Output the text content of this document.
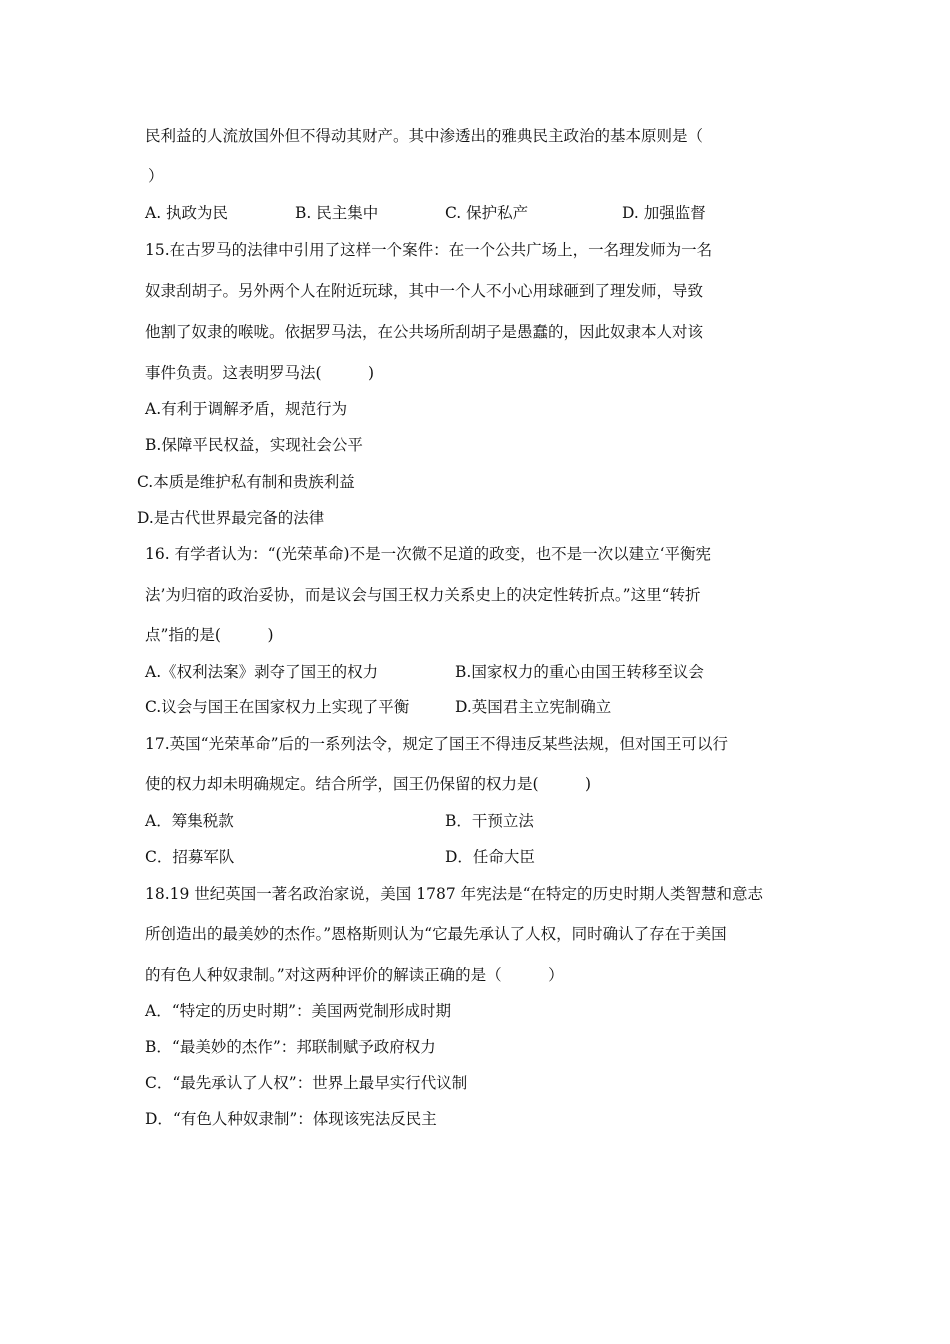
民利益的人流放国外但不得动其财产。其中渗透出的雅典民主政治的基本原则是（
）
A. 执政为民	B. 民主集中	C. 保护私产	D. 加强监督
15.在古罗马的法律中引用了这样一个案件：在一个公共广场上，一名理发师为一名
奴隶刮胡子。另外两个人在附近玩球，其中一个人不小心用球砸到了理发师，导致
他割了奴隶的喉咙。依据罗马法，在公共场所刮胡子是愚蠢的，因此奴隶本人对该
事件负责。这表明罗马法(　　　)
A.有利于调解矛盾，规范行为
B.保障平民权益，实现社会公平
C.本质是维护私有制和贵族利益
D.是古代世界最完备的法律
16. 有学者认为：“(光荣革命)不是一次微不足道的政变，也不是一次以建立‘平衡宪
法’为归宿的政治妥协，而是议会与国王权力关系史上的决定性转折点。”这里“转折
点”指的是(　　　)
A.《权利法案》剥夺了国王的权力	B.国家权力的重心由国王转移至议会
C.议会与国王在国家权力上实现了平衡	D.英国君主立宪制确立
17.英国“光荣革命”后的一系列法令，规定了国王不得违反某些法规，但对国王可以行
使的权力却未明确规定。结合所学，国王仍保留的权力是(　　　)
A．筹集税款	B．干预立法
C．招募军队	D．任命大臣
18.19 世纪英国一著名政治家说，美国 1787 年宪法是“在特定的历史时期人类智慧和意志
所创造出的最美妙的杰作。”恩格斯则认为“它最先承认了人权，同时确认了存在于美国
的有色人种奴隶制。”对这两种评价的解读正确的是（　　　）
A．“特定的历史时期”：美国两党制形成时期
B．“最美妙的杰作”：邦联制赋予政府权力
C．“最先承认了人权”：世界上最早实行代议制
D．“有色人种奴隶制”：体现该宪法反民主
